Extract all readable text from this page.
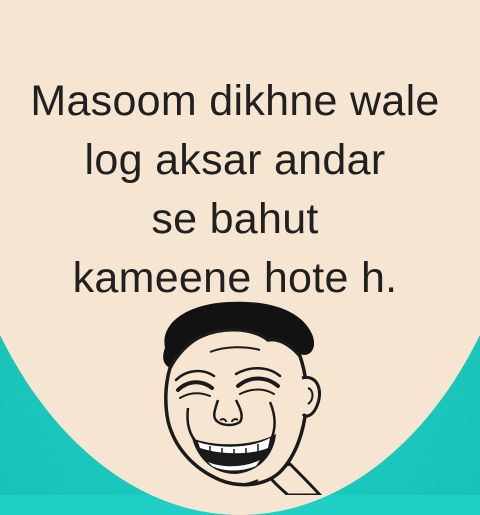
Masoom dikhne wale
log aksar andar
se bahut
kameene hote h.
